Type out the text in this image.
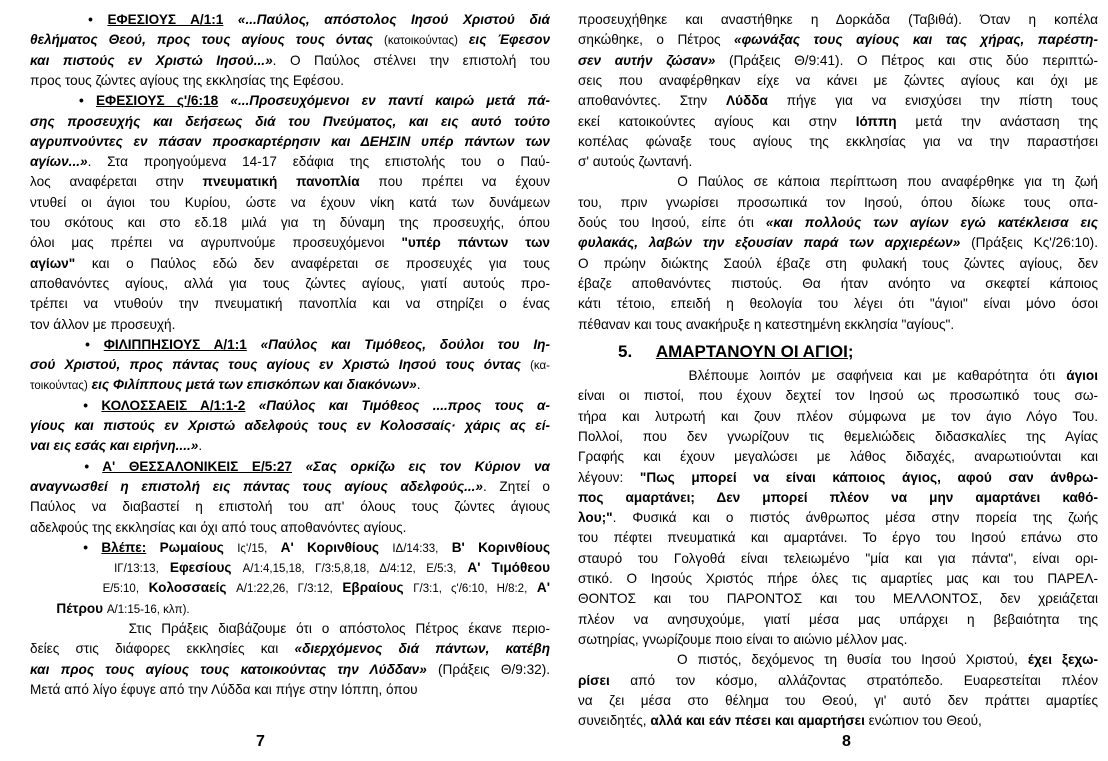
• ΕΦΕΣΙΟΥΣ Α/1:1 «...Παύλος, απόστολος Ιησού Χριστού διά
θελήματος Θεού, προς τους αγίους τους όντας (κατοικούντας) εις Έφεσον
και πιστούς εν Χριστώ Ιησού...». Ο Παύλος στέλνει την επιστολή του
προς τους ζώντες αγίους της εκκλησίας της Εφέσου.
• ΕΦΕΣΙΟΥΣ ς'/6:18 «...Προσευχόμενοι εν παντί καιρώ μετά πά-
σης προσευχής και δεήσεως διά του Πνεύματος, και εις αυτό τούτο
αγρυπνούντες εν πάσαν προσκαρτέρησιν και ΔΕΗΣΙΝ υπέρ πάντων των
αγίων...». Στα προηγούμενα 14-17 εδάφια της επιστολής του ο Παύ-
λος αναφέρεται στην πνευματική πανοπλία που πρέπει να έχουν
ντυθεί οι άγιοι του Κυρίου, ώστε να έχουν νίκη κατά των δυνάμεων
του σκότους και στο εδ.18 μιλά για τη δύναμη της προσευχής, όπου
όλοι μας πρέπει να αγρυπνούμε προσευχόμενοι "υπέρ πάντων των
αγίων" και ο Παύλος εδώ δεν αναφέρεται σε προσευχές για τους
αποθανόντες αγίους, αλλά για τους ζώντες αγίους, γιατί αυτούς προ-
τρέπει να ντυθούν την πνευματική πανοπλία και να στηρίζει ο ένας
τον άλλον με προσευχή.
• ΦΙΛΙΠΠΗΣΙΟΥΣ Α/1:1 «Παύλος και Τιμόθεος, δούλοι του Ιη-
σού Χριστού, προς πάντας τους αγίους εν Χριστώ Ιησού τους όντας (κα-
τοικούντας) εις Φιλίππους μετά των επισκόπων και διακόνων».
• ΚΟΛΟΣΣΑΕΙΣ Α/1:1-2 «Παύλος και Τιμόθεος ....προς τους α-
γίους και πιστούς εν Χριστώ αδελφούς τους εν Κολοσσαίς· χάρις ας εί-
ναι εις εσάς και ειρήνη....».
• Α' ΘΕΣΣΑΛΟΝΙΚΕΙΣ Ε/5:27 «Σας ορκίζω εις τον Κύριον να
αναγνωσθεί η επιστολή εις πάντας τους αγίους αδελφούς...». Ζητεί ο
Παύλος να διαβαστεί η επιστολή του απ' όλους τους ζώντες άγιους
αδελφούς της εκκλησίας και όχι από τους αποθανόντες αγίους.
• Βλέπε: Ρωμαίους Ις'/15, Α' Κορινθίους ΙΔ/14:33, Β' Κορινθίους
ΙΓ/13:13, Εφεσίους Α/1:4,15,18, Γ/3:5,8,18, Δ/4:12, Ε/5:3, Α' Τιμόθεου
Ε/5:10, Κολοσσαείς Α/1:22,26, Γ/3:12, Εβραίους Γ/3:1, ς'/6:10, Η/8:2, Α'
Πέτρου Α/1:15-16, κλπ).
Στις Πράξεις διαβάζουμε ότι ο απόστολος Πέτρος έκανε περιο-
δείες στις διάφορες εκκλησίες και «διερχόμενος διά πάντων, κατέβη
και προς τους αγίους τους κατοικούντας την Λύδδαν» (Πράξεις Θ/9:32).
Μετά από λίγο έφυγε από την Λύδδα και πήγε στην Ιόππη, όπου
7
προσευχήθηκε και αναστήθηκε η Δορκάδα (Ταβιθά). Όταν η κοπέλα
σηκώθηκε, ο Πέτρος «φωνάξας τους αγίους και τας χήρας, παρέστη-
σεν αυτήν ζώσαν» (Πράξεις Θ/9:41). Ο Πέτρος και στις δύο περιπτώ-
σεις που αναφέρθηκαν είχε να κάνει με ζώντες αγίους και όχι με
αποθανόντες. Στην Λύδδα πήγε για να ενισχύσει την πίστη τους
εκεί κατοικούντες αγίους και στην Ιόππη μετά την ανάσταση της
κοπέλας φώναξε τους αγίους της εκκλησίας για να την παραστήσει
σ' αυτούς ζωντανή.
Ο Παύλος σε κάποια περίπτωση που αναφέρθηκε για τη ζωή
του, πριν γνωρίσει προσωπικά τον Ιησού, όπου δίωκε τους οπα-
δούς του Ιησού, είπε ότι «και πολλούς των αγίων εγώ κατέκλεισα εις
φυλακάς, λαβών την εξουσίαν παρά των αρχιερέων» (Πράξεις Κς'/26:10).
Ο πρώην διώκτης Σαούλ έβαζε στη φυλακή τους ζώντες αγίους, δεν
έβαζε αποθανόντες πιστούς. Θα ήταν ανόητο να σκεφτεί κάποιος
κάτι τέτοιο, επειδή η θεολογία του λέγει ότι "άγιοι" είναι μόνο όσοι
πέθαναν και τους ανακήρυξε η κατεστημένη εκκλησία "αγίους".
Βλέπουμε λοιπόν με σαφήνεια και με καθαρότητα ότι άγιοι
είναι οι πιστοί, που έχουν δεχτεί τον Ιησού ως προσωπικό τους σω-
τήρα και λυτρωτή και ζουν πλέον σύμφωνα με τον άγιο Λόγο Του.
Πολλοί, που δεν γνωρίζουν τις θεμελιώδεις διδασκαλίες της Αγίας
Γραφής και έχουν μεγαλώσει με λάθος διδαχές, αναρωτιούνται και
λέγουν: "Πως μπορεί να είναι κάποιος άγιος, αφού σαν άνθρω-
πος αμαρτάνει; Δεν μπορεί πλέον να μην αμαρτάνει καθό-
λου;". Φυσικά και ο πιστός άνθρωπος μέσα στην πορεία της ζωής
του πέφτει πνευματικά και αμαρτάνει. Το έργο του Ιησού επάνω στο
σταυρό του Γολγοθά είναι τελειωμένο "μία και για πάντα", είναι ορι-
στικό. Ο Ιησούς Χριστός πήρε όλες τις αμαρτίες μας και του ΠΑΡΕΛ-
ΘΟΝΤΟΣ και του ΠΑΡΟΝΤΟΣ και του ΜΕΛΛΟΝΤΟΣ, δεν χρειάζεται
πλέον να ανησυχούμε, γιατί μέσα μας υπάρχει η βεβαιότητα της
σωτηρίας, γνωρίζουμε ποιο είναι το αιώνιο μέλλον μας.
Ο πιστός, δεχόμενος τη θυσία του Ιησού Χριστού, έχει ξεχω-
ρίσει από τον κόσμο, αλλάζοντας στρατόπεδο. Ευαρεστείται πλέον
να ζει μέσα στο θέλημα του Θεού, γι' αυτό δεν πράττει αμαρτίες
συνειδητές, αλλά και εάν πέσει και αμαρτήσει ενώπιον του Θεού,
5. ΑΜΑΡΤΑΝΟΥΝ ΟΙ ΑΓΙΟΙ;
8
